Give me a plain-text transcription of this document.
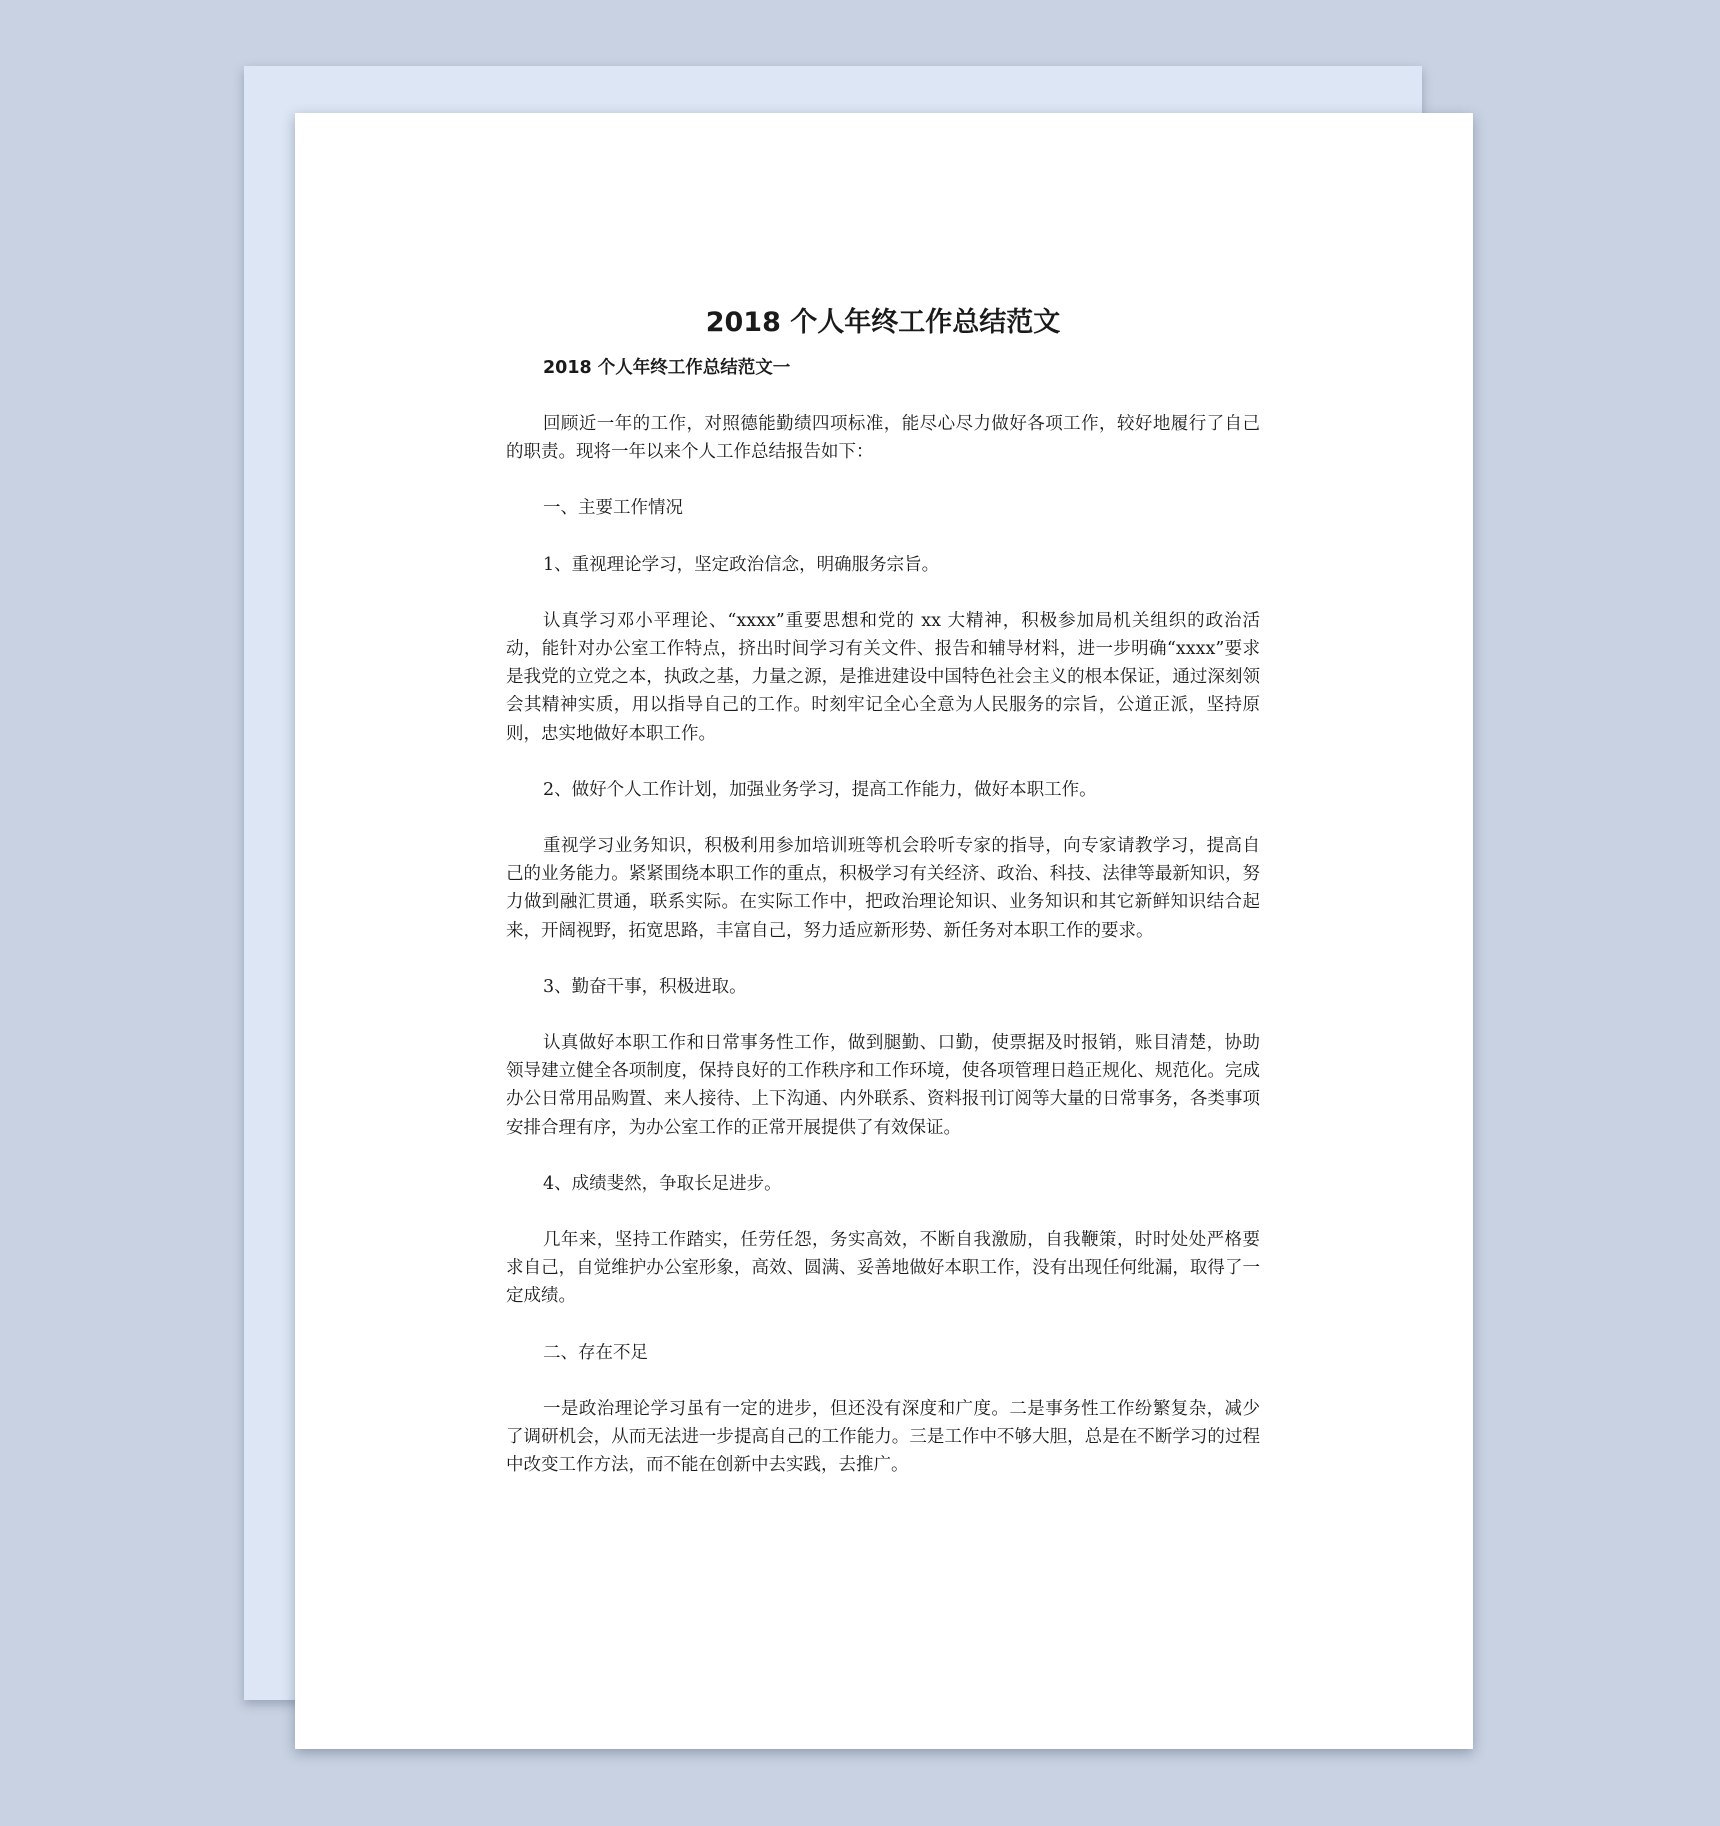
2018 个人年终工作总结范文

2018 个人年终工作总结范文一

回顾近一年的工作，对照德能勤绩四项标准，能尽心尽力做好各项工作，较好地履行了自己的职责。现将一年以来个人工作总结报告如下：

一、主要工作情况

1、重视理论学习，坚定政治信念，明确服务宗旨。

认真学习邓小平理论、“xxxx”重要思想和党的 xx 大精神，积极参加局机关组织的政治活动，能针对办公室工作特点，挤出时间学习有关文件、报告和辅导材料，进一步明确“xxxx”要求是我党的立党之本，执政之基，力量之源，是推进建设中国特色社会主义的根本保证，通过深刻领会其精神实质，用以指导自己的工作。时刻牢记全心全意为人民服务的宗旨，公道正派，坚持原则，忠实地做好本职工作。

2、做好个人工作计划，加强业务学习，提高工作能力，做好本职工作。

重视学习业务知识，积极利用参加培训班等机会聆听专家的指导，向专家请教学习，提高自己的业务能力。紧紧围绕本职工作的重点，积极学习有关经济、政治、科技、法律等最新知识，努力做到融汇贯通，联系实际。在实际工作中，把政治理论知识、业务知识和其它新鲜知识结合起来，开阔视野，拓宽思路，丰富自己，努力适应新形势、新任务对本职工作的要求。

3、勤奋干事，积极进取。

认真做好本职工作和日常事务性工作，做到腿勤、口勤，使票据及时报销，账目清楚，协助领导建立健全各项制度，保持良好的工作秩序和工作环境，使各项管理日趋正规化、规范化。完成办公日常用品购置、来人接待、上下沟通、内外联系、资料报刊订阅等大量的日常事务，各类事项安排合理有序，为办公室工作的正常开展提供了有效保证。

4、成绩斐然，争取长足进步。

几年来，坚持工作踏实，任劳任怨，务实高效，不断自我激励，自我鞭策，时时处处严格要求自己，自觉维护办公室形象，高效、圆满、妥善地做好本职工作，没有出现任何纰漏，取得了一定成绩。

二、存在不足

一是政治理论学习虽有一定的进步，但还没有深度和广度。二是事务性工作纷繁复杂，减少了调研机会，从而无法进一步提高自己的工作能力。三是工作中不够大胆，总是在不断学习的过程中改变工作方法，而不能在创新中去实践，去推广。
